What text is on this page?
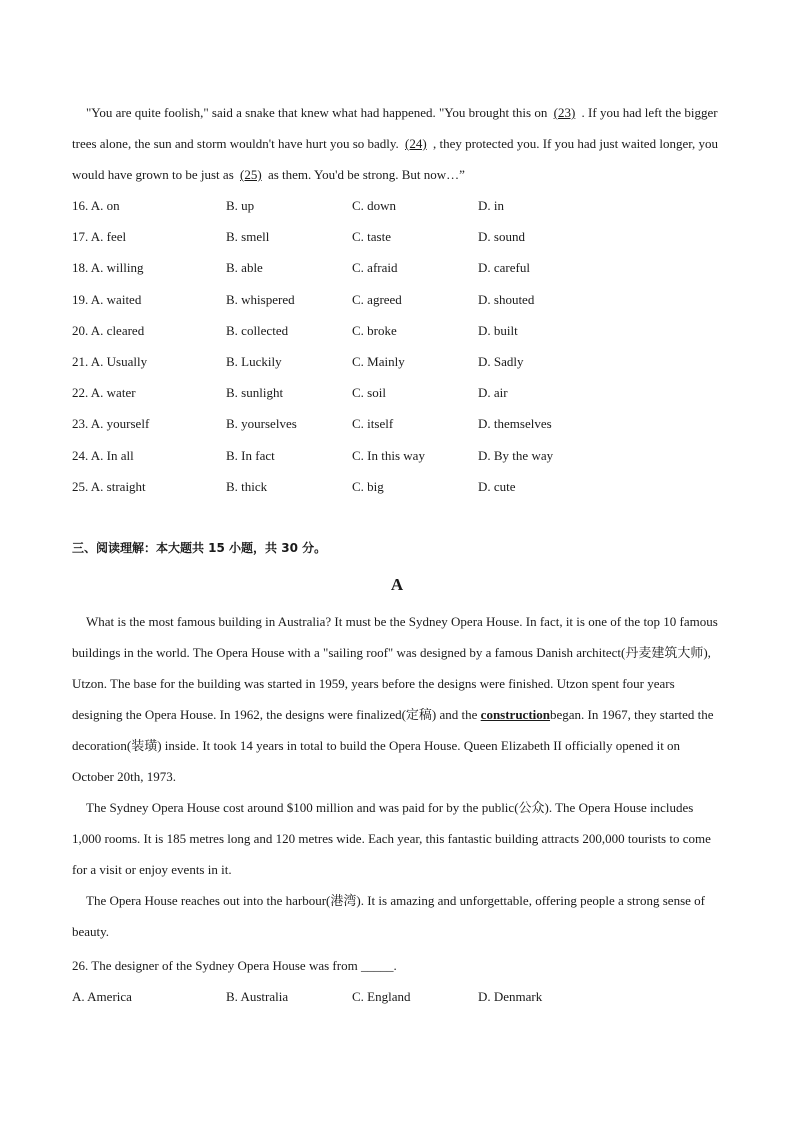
"You are quite foolish," said a snake that knew what had happened. "You brought this on (23) . If you had left the bigger trees alone, the sun and storm wouldn't have hurt you so badly. (24) , they protected you. If you had just waited longer, you would have grown to be just as (25) as them. You'd be strong. But now…”

16. A. on	B. up	C. down	D. in
17. A. feel	B. smell	C. taste	D. sound
18. A. willing	B. able	C. afraid	D. careful
19. A. waited	B. whispered	C. agreed	D. shouted
20. A. cleared	B. collected	C. broke	D. built
21. A. Usually	B. Luckily	C. Mainly	D. Sadly
22. A. water	B. sunlight	C. soil	D. air
23. A. yourself	B. yourselves	C. itself	D. themselves
24. A. In all	B. In fact	C. In this way	D. By the way
25. A. straight	B. thick	C. big	D. cute
三、阅读理解：本大题共 15 小题，共 30 分。
A

What is the most famous building in Australia? It must be the Sydney Opera House. In fact, it is one of the top 10 famous buildings in the world. The Opera House with a "sailing roof" was designed by a famous Danish architect(丹麦建筑大师), Utzon. The base for the building was started in 1959, years before the designs were finished. Utzon spent four years designing the Opera House. In 1962, the designs were finalized(定稿) and the constructionbegan. In 1967, they started the decoration(装璜) inside. It took 14 years in total to build the Opera House. Queen Elizabeth II officially opened it on October 20th, 1973.

The Sydney Opera House cost around $100 million and was paid for by the public(公众). The Opera House includes 1,000 rooms. It is 185 metres long and 120 metres wide. Each year, this fantastic building attracts 200,000 tourists to come for a visit or enjoy events in it.

The Opera House reaches out into the harbour(港湾). It is amazing and unforgettable, offering people a strong sense of beauty.

26. The designer of the Sydney Opera House was from _____.
A. America	B. Australia	C. England	D. Denmark
